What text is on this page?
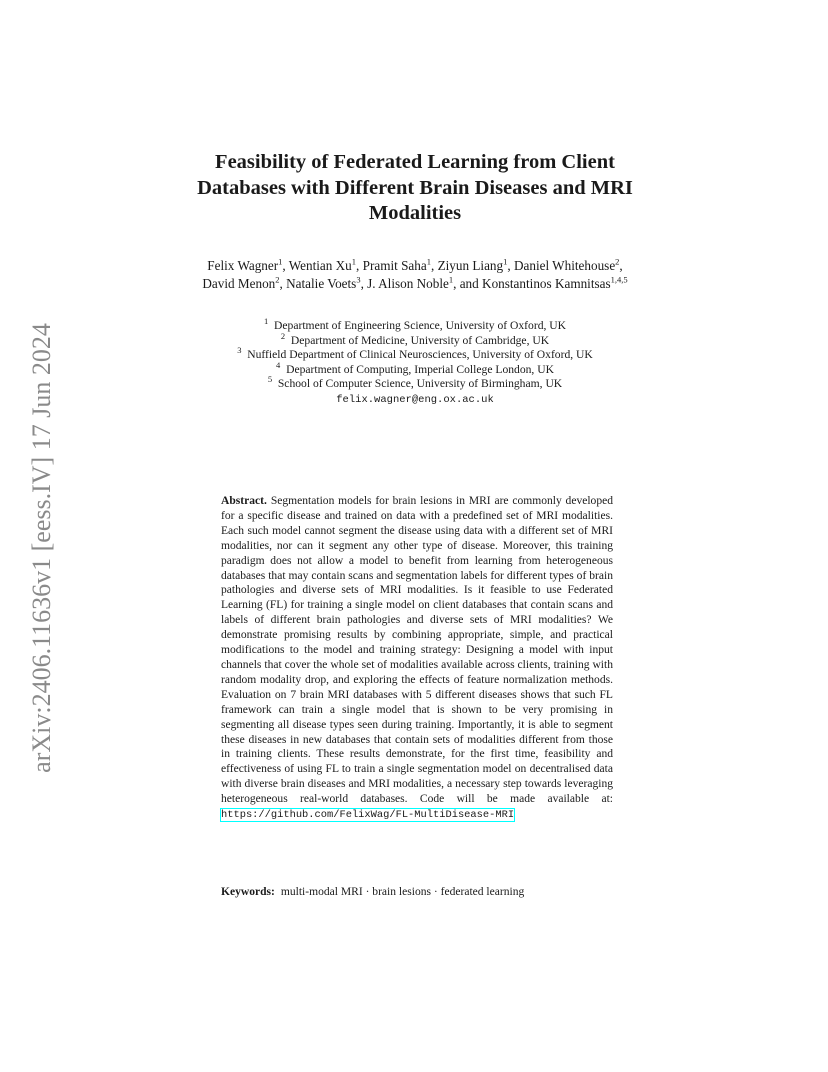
arXiv:2406.11636v1 [eess.IV] 17 Jun 2024
Feasibility of Federated Learning from Client Databases with Different Brain Diseases and MRI Modalities
Felix Wagner$^1$, Wentian Xu$^1$, Pramit Saha$^1$, Ziyun Liang$^1$, Daniel Whitehouse$^2$, David Menon$^2$, Natalie Voets$^3$, J. Alison Noble$^1$, and Konstantinos Kamnitsas$^{1,4,5}$
$^1$  Department of Engineering Science, University of Oxford, UK
$^2$  Department of Medicine, University of Cambridge, UK
$^3$  Nuffield Department of Clinical Neurosciences, University of Oxford, UK
$^4$  Department of Computing, Imperial College London, UK
$^5$  School of Computer Science, University of Birmingham, UK
felix.wagner@eng.ox.ac.uk
Abstract. Segmentation models for brain lesions in MRI are commonly developed for a specific disease and trained on data with a predefined set of MRI modalities. Each such model cannot segment the disease using data with a different set of MRI modalities, nor can it segment any other type of disease. Moreover, this training paradigm does not allow a model to benefit from learning from heterogeneous databases that may contain scans and segmentation labels for different types of brain pathologies and diverse sets of MRI modalities. Is it feasible to use Federated Learning (FL) for training a single model on client databases that contain scans and labels of different brain pathologies and diverse sets of MRI modalities? We demonstrate promising results by combining appropriate, simple, and practical modifications to the model and training strategy: Designing a model with input channels that cover the whole set of modalities available across clients, training with random modality drop, and exploring the effects of feature normalization methods. Evaluation on 7 brain MRI databases with 5 different diseases shows that such FL framework can train a single model that is shown to be very promising in segmenting all disease types seen during training. Importantly, it is able to segment these diseases in new databases that contain sets of modalities different from those in training clients. These results demonstrate, for the first time, feasibility and effectiveness of using FL to train a single segmentation model on decentralised data with diverse brain diseases and MRI modalities, a necessary step towards leveraging heterogeneous real-world databases. Code will be made available at: https://github.com/FelixWag/FL-MultiDisease-MRI
Keywords: multi-modal MRI · brain lesions · federated learning
